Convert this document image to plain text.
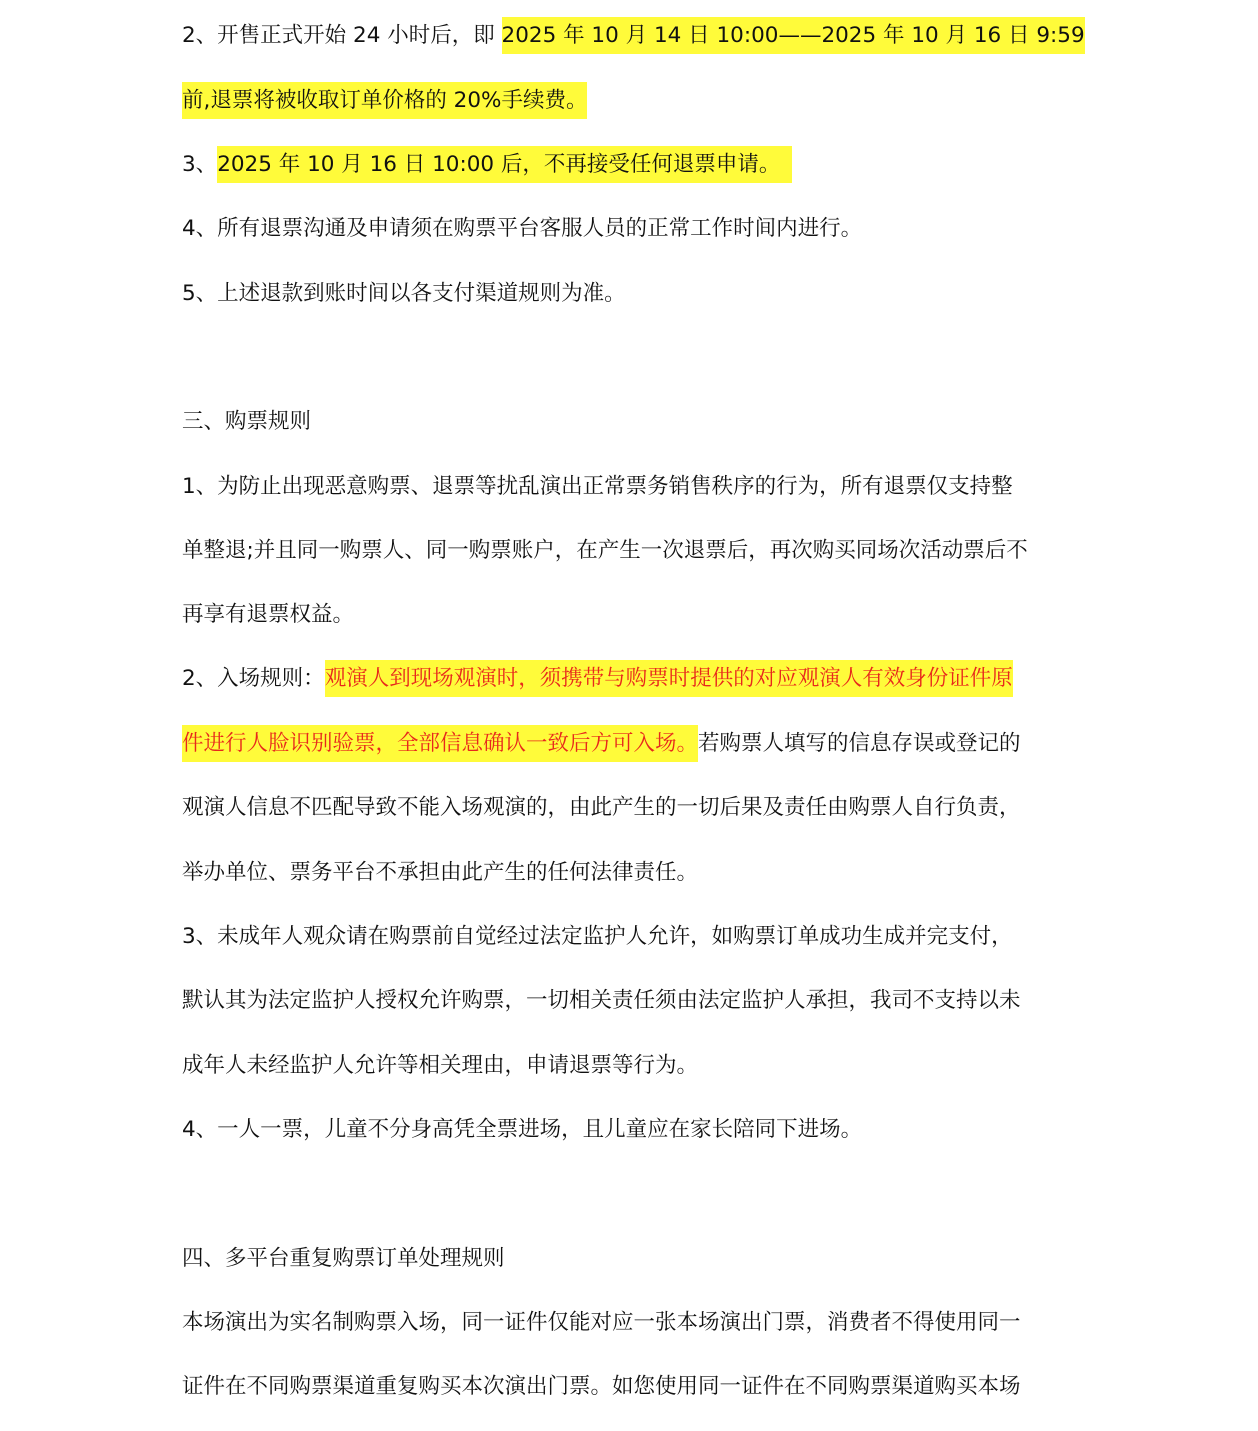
2、开售正式开始 24 小时后，即 2025 年 10 月 14 日 10:00——2025 年 10 月 16 日 9:59
前,退票将被收取订单价格的 20%手续费。
3、2025 年 10 月 16 日 10:00 后，不再接受任何退票申请。
4、所有退票沟通及申请须在购票平台客服人员的正常工作时间内进行。
5、上述退款到账时间以各支付渠道规则为准。
三、购票规则
1、为防止出现恶意购票、退票等扰乱演出正常票务销售秩序的行为，所有退票仅支持整
单整退;并且同一购票人、同一购票账户，在产生一次退票后，再次购买同场次活动票后不
再享有退票权益。
2、入场规则：观演人到现场观演时，须携带与购票时提供的对应观演人有效身份证件原
件进行人脸识别验票，全部信息确认一致后方可入场。若购票人填写的信息存误或登记的
观演人信息不匹配导致不能入场观演的，由此产生的一切后果及责任由购票人自行负责，
举办单位、票务平台不承担由此产生的任何法律责任。
3、未成年人观众请在购票前自觉经过法定监护人允许，如购票订单成功生成并完支付，
默认其为法定监护人授权允许购票，一切相关责任须由法定监护人承担，我司不支持以未
成年人未经监护人允许等相关理由，申请退票等行为。
4、一人一票，儿童不分身高凭全票进场，且儿童应在家长陪同下进场。
四、多平台重复购票订单处理规则
本场演出为实名制购票入场，同一证件仅能对应一张本场演出门票，消费者不得使用同一
证件在不同购票渠道重复购买本次演出门票。如您使用同一证件在不同购票渠道购买本场
